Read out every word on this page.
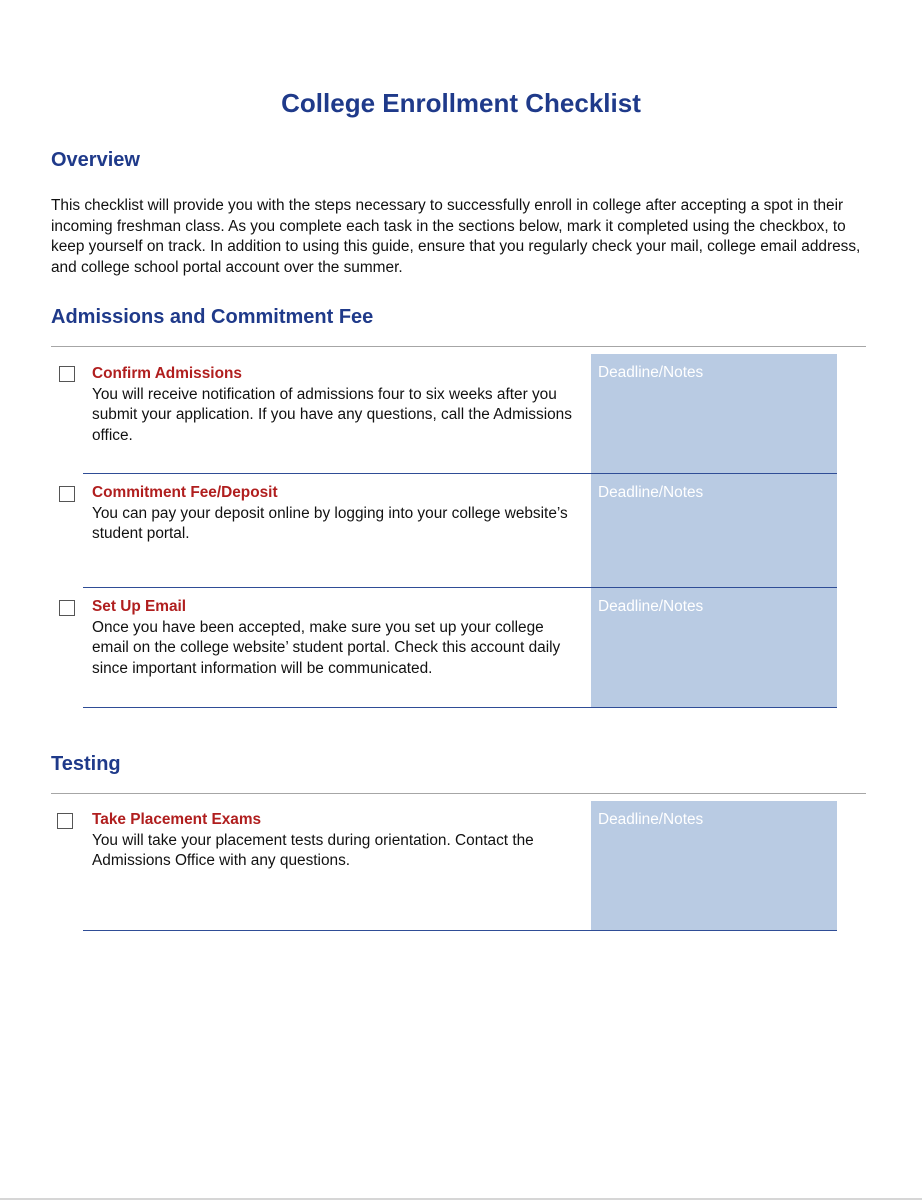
College Enrollment Checklist
Overview

This checklist will provide you with the steps necessary to successfully enroll in college after accepting a spot in their incoming freshman class. As you complete each task in the sections below, mark it completed using the checkbox, to keep yourself on track. In addition to using this guide, ensure that you regularly check your mail, college email address, and college school portal account over the summer.

Admissions and Commitment Fee

Confirm Admissions

You will receive notification of admissions four to six weeks after you submit your application. If you have any questions, call the Admissions office.

Deadline/Notes

Commitment Fee/Deposit

You can pay your deposit online by logging into your college website’s student portal.

Deadline/Notes

Set Up Email

Once you have been accepted, make sure you set up your college email on the college website’ student portal. Check this account daily since important information will be communicated.

Deadline/Notes
Testing

Take Placement Exams

You will take your placement tests during orientation. Contact the Admissions Office with any questions.

Deadline/Notes
